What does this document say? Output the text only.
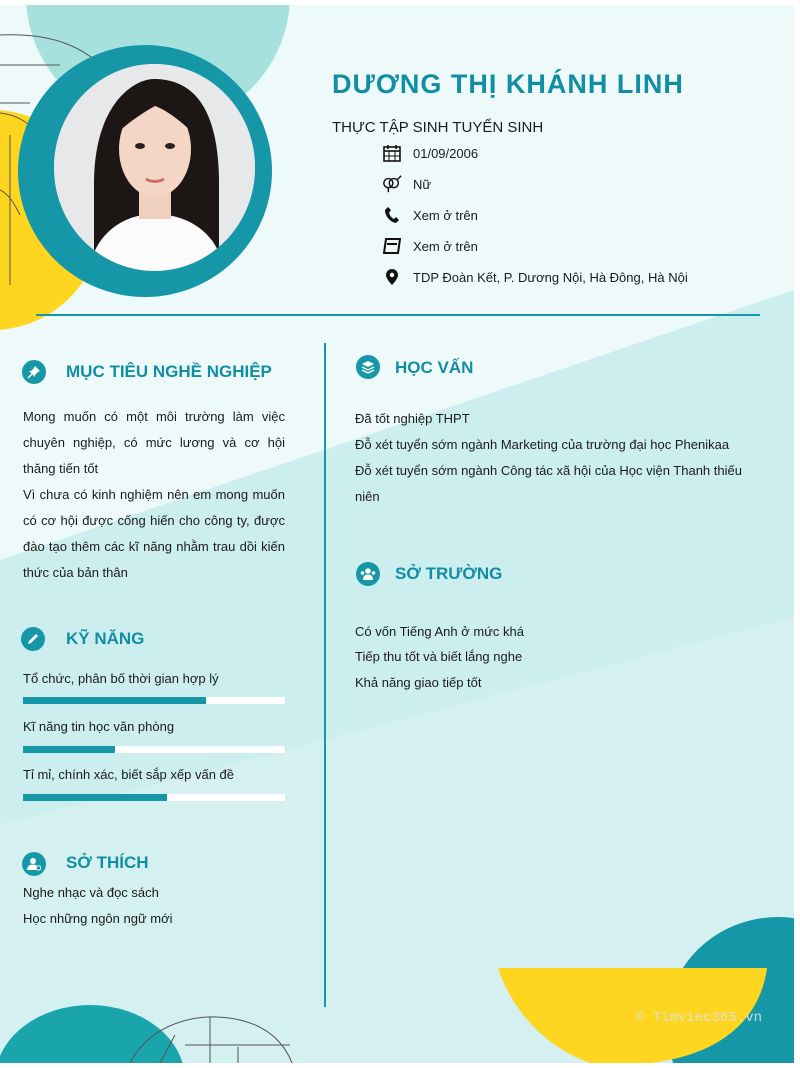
DƯƠNG THỊ KHÁNH LINH
THỰC TẬP SINH TUYỂN SINH
01/09/2006
Nữ
Xem ở trên
Xem ở trên
TDP Đoàn Kết, P. Dương Nội, Hà Đông, Hà Nội
MỤC TIÊU NGHỀ NGHIỆP

Mong muốn có một môi trường làm việc chuyên nghiệp, có mức lương và cơ hội thăng tiến tốt

Vì chưa có kinh nghiệm nên em mong muốn có cơ hội được cống hiến cho công ty, được đào tạo thêm các kĩ năng nhằm trau dồi kiến thức của bản thân

KỸ NĂNG
Tổ chức, phân bố thời gian hợp lý
Kĩ năng tin học văn phòng
Tỉ mỉ, chính xác, biết sắp xếp vấn đề
SỞ THÍCH
Nghe nhạc và đọc sách
Học những ngôn ngữ mới
HỌC VẤN

Đã tốt nghiệp THPT

Đỗ xét tuyển sớm ngành Marketing của trường đại học Phenikaa

Đỗ xét tuyển sớm ngành Công tác xã hội của Học viện Thanh thiếu niên

SỞ TRƯỜNG
Có vốn Tiếng Anh ở mức khá
Tiếp thu tốt và biết lắng nghe
Khả năng giao tiếp tốt
© Timviec365.vn
